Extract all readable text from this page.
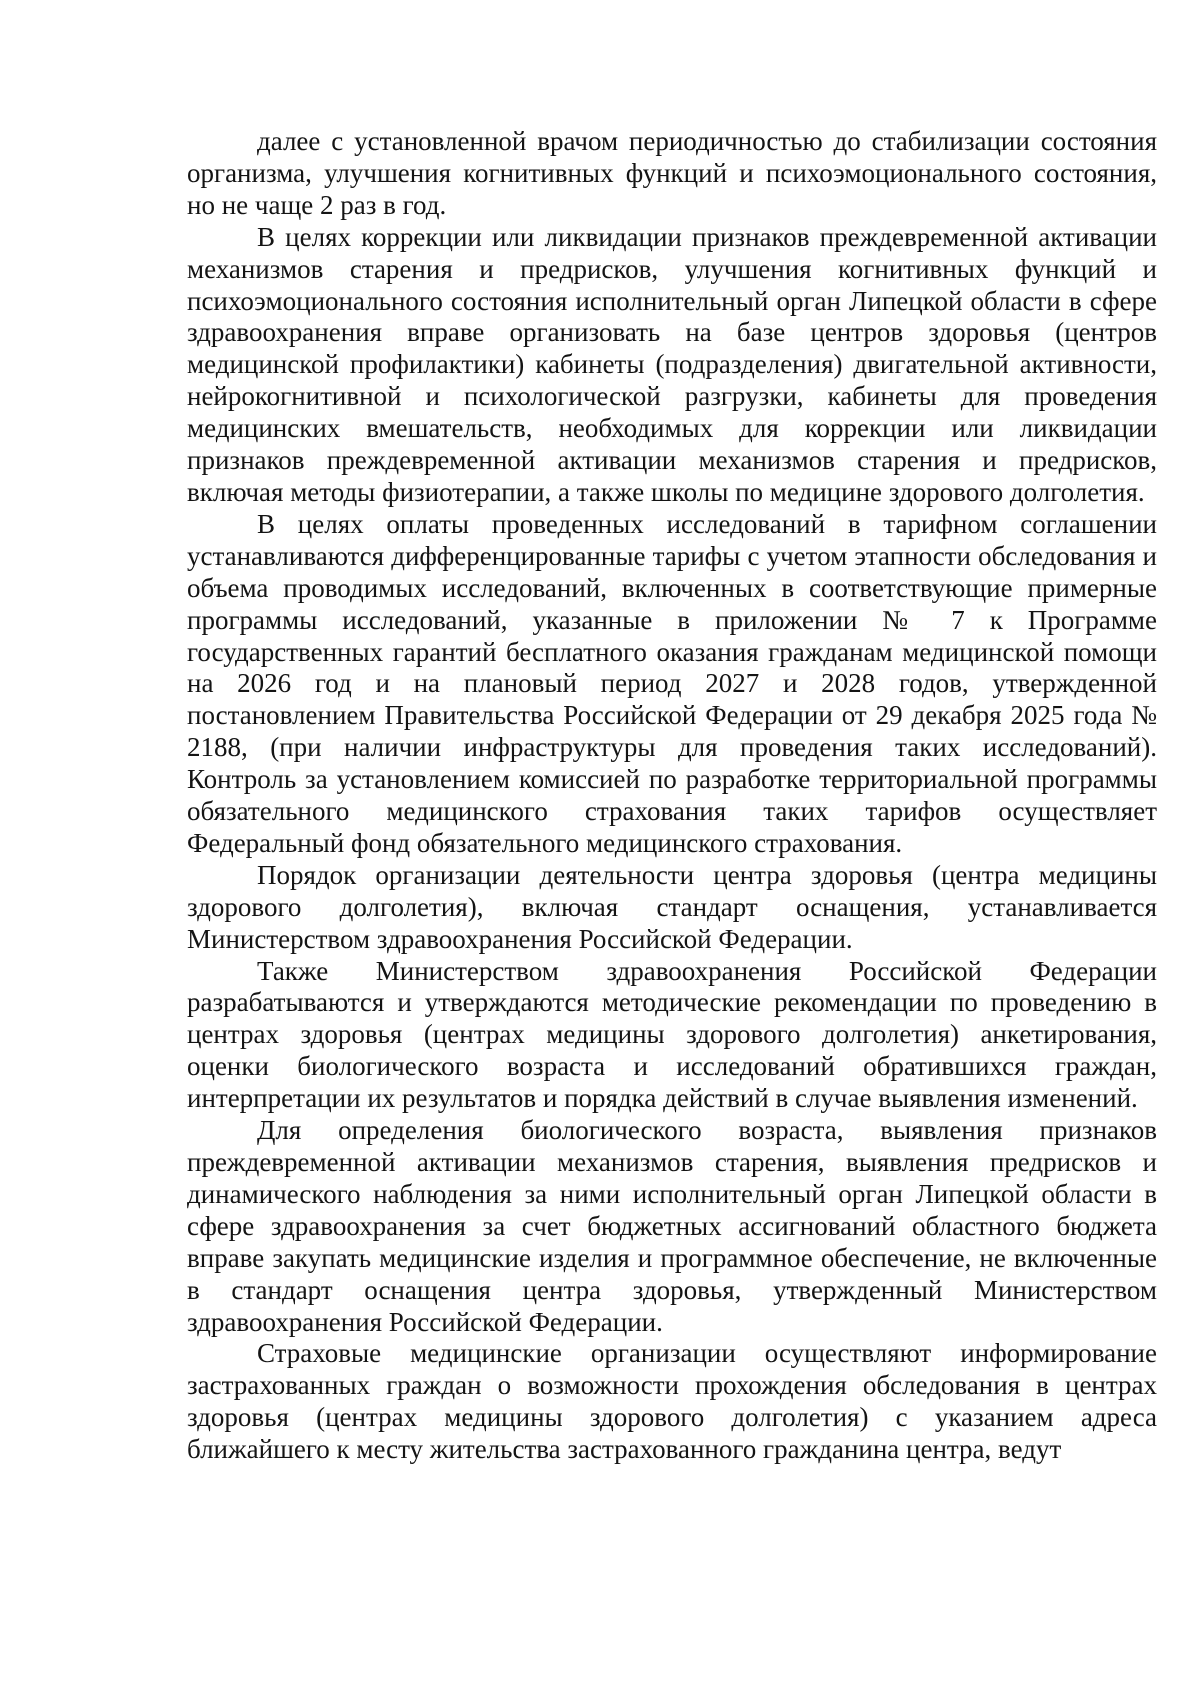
далее с установленной врачом периодичностью до стабилизации состояния организма, улучшения когнитивных функций и психоэмоционального состояния, но не чаще 2 раз в год.

В целях коррекции или ликвидации признаков преждевременной активации механизмов старения и предрисков, улучшения когнитивных функций и психоэмоционального состояния исполнительный орган Липецкой области в сфере здравоохранения вправе организовать на базе центров здоровья (центров медицинской профилактики) кабинеты (подразделения) двигательной активности, нейрокогнитивной и психологической разгрузки, кабинеты для проведения медицинских вмешательств, необходимых для коррекции или ликвидации признаков преждевременной активации механизмов старения и предрисков, включая методы физиотерапии, а также школы по медицине здорового долголетия.

В целях оплаты проведенных исследований в тарифном соглашении устанавливаются дифференцированные тарифы с учетом этапности обследования и объема проводимых исследований, включенных в соответствующие примерные программы исследований, указанные в приложении № 7 к Программе государственных гарантий бесплатного оказания гражданам медицинской помощи на 2026 год и на плановый период 2027 и 2028 годов, утвержденной постановлением Правительства Российской Федерации от 29 декабря 2025 года № 2188, (при наличии инфраструктуры для проведения таких исследований). Контроль за установлением комиссией по разработке территориальной программы обязательного медицинского страхования таких тарифов осуществляет Федеральный фонд обязательного медицинского страхования.

Порядок организации деятельности центра здоровья (центра медицины здорового долголетия), включая стандарт оснащения, устанавливается Министерством здравоохранения Российской Федерации.

Также Министерством здравоохранения Российской Федерации разрабатываются и утверждаются методические рекомендации по проведению в центрах здоровья (центрах медицины здорового долголетия) анкетирования, оценки биологического возраста и исследований обратившихся граждан, интерпретации их результатов и порядка действий в случае выявления изменений.

Для определения биологического возраста, выявления признаков преждевременной активации механизмов старения, выявления предрисков и динамического наблюдения за ними исполнительный орган Липецкой области в сфере здравоохранения за счет бюджетных ассигнований областного бюджета вправе закупать медицинские изделия и программное обеспечение, не включенные в стандарт оснащения центра здоровья, утвержденный Министерством здравоохранения Российской Федерации.

Страховые медицинские организации осуществляют информирование застрахованных граждан о возможности прохождения обследования в центрах здоровья (центрах медицины здорового долголетия) с указанием адреса ближайшего к месту жительства застрахованного гражданина центра, ведут
